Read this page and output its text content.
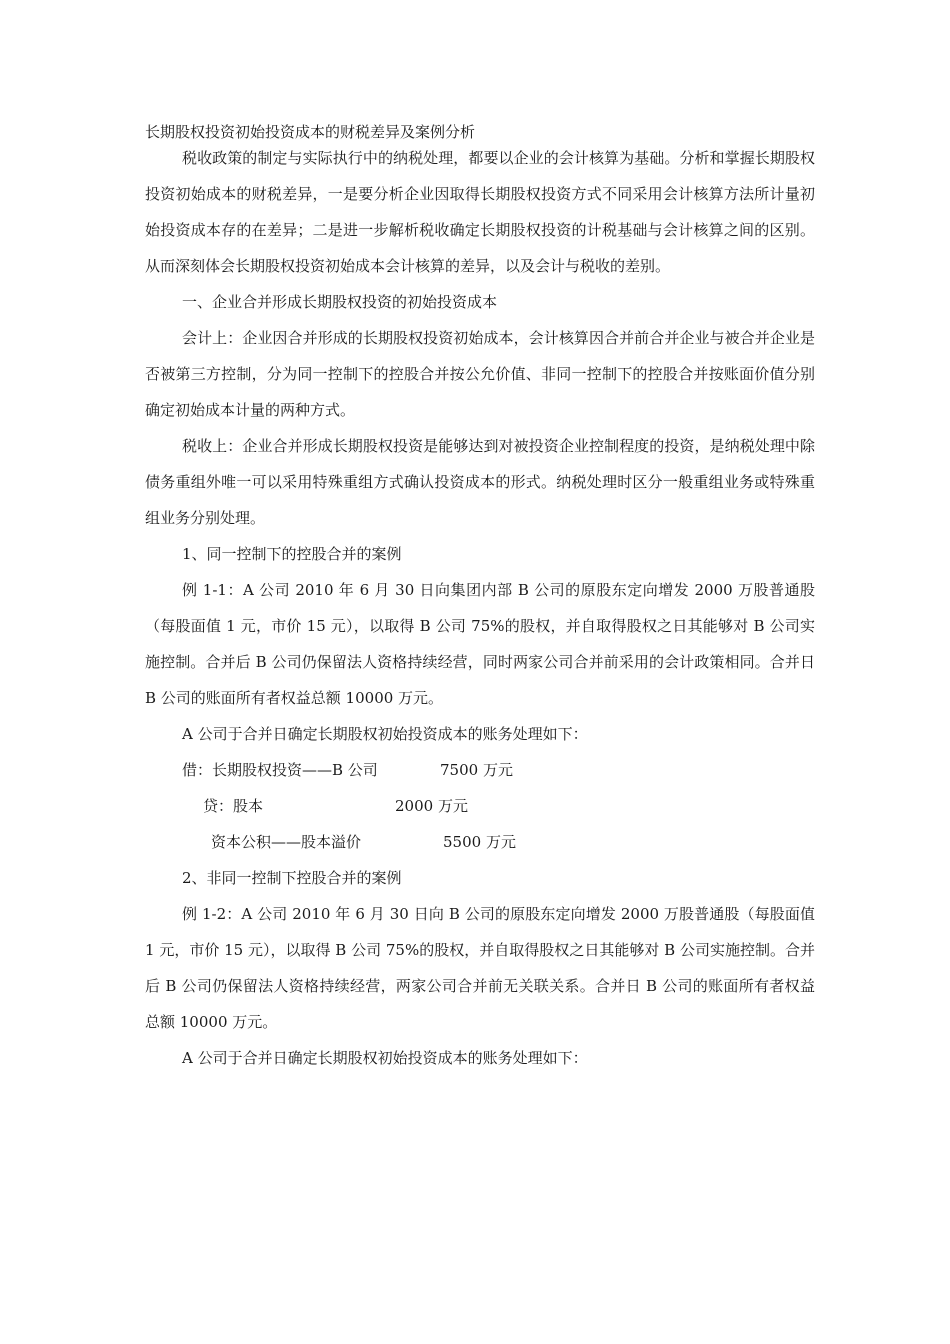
长期股权投资初始投资成本的财税差异及案例分析

税收政策的制定与实际执行中的纳税处理，都要以企业的会计核算为基础。分析和掌握长期股权投资初始成本的财税差异，一是要分析企业因取得长期股权投资方式不同采用会计核算方法所计量初始投资成本存的在差异；二是进一步解析税收确定长期股权投资的计税基础与会计核算之间的区别。从而深刻体会长期股权投资初始成本会计核算的差异，以及会计与税收的差别。

一、企业合并形成长期股权投资的初始投资成本

会计上：企业因合并形成的长期股权投资初始成本，会计核算因合并前合并企业与被合并企业是否被第三方控制，分为同一控制下的控股合并按公允价值、非同一控制下的控股合并按账面价值分别确定初始成本计量的两种方式。

税收上：企业合并形成长期股权投资是能够达到对被投资企业控制程度的投资，是纳税处理中除债务重组外唯一可以采用特殊重组方式确认投资成本的形式。纳税处理时区分一般重组业务或特殊重组业务分别处理。

1、同一控制下的控股合并的案例

例 1-1：A 公司 2010 年 6 月 30 日向集团内部 B 公司的原股东定向增发 2000 万股普通股（每股面值 1 元，市价 15 元），以取得 B 公司 75%的股权，并自取得股权之日其能够对 B 公司实施控制。合并后 B 公司仍保留法人资格持续经营，同时两家公司合并前采用的会计政策相同。合并日 B 公司的账面所有者权益总额 10000 万元。

A 公司于合并日确定长期股权初始投资成本的账务处理如下：

借：长期股权投资——B 公司	7500 万元
贷：股本	2000 万元
资本公积——股本溢价	5500 万元

2、非同一控制下控股合并的案例

例 1-2：A 公司 2010 年 6 月 30 日向 B 公司的原股东定向增发 2000 万股普通股（每股面值 1 元，市价 15 元），以取得 B 公司 75%的股权，并自取得股权之日其能够对 B 公司实施控制。合并后 B 公司仍保留法人资格持续经营，两家公司合并前无关联关系。合并日 B 公司的账面所有者权益总额 10000 万元。

A 公司于合并日确定长期股权初始投资成本的账务处理如下：
